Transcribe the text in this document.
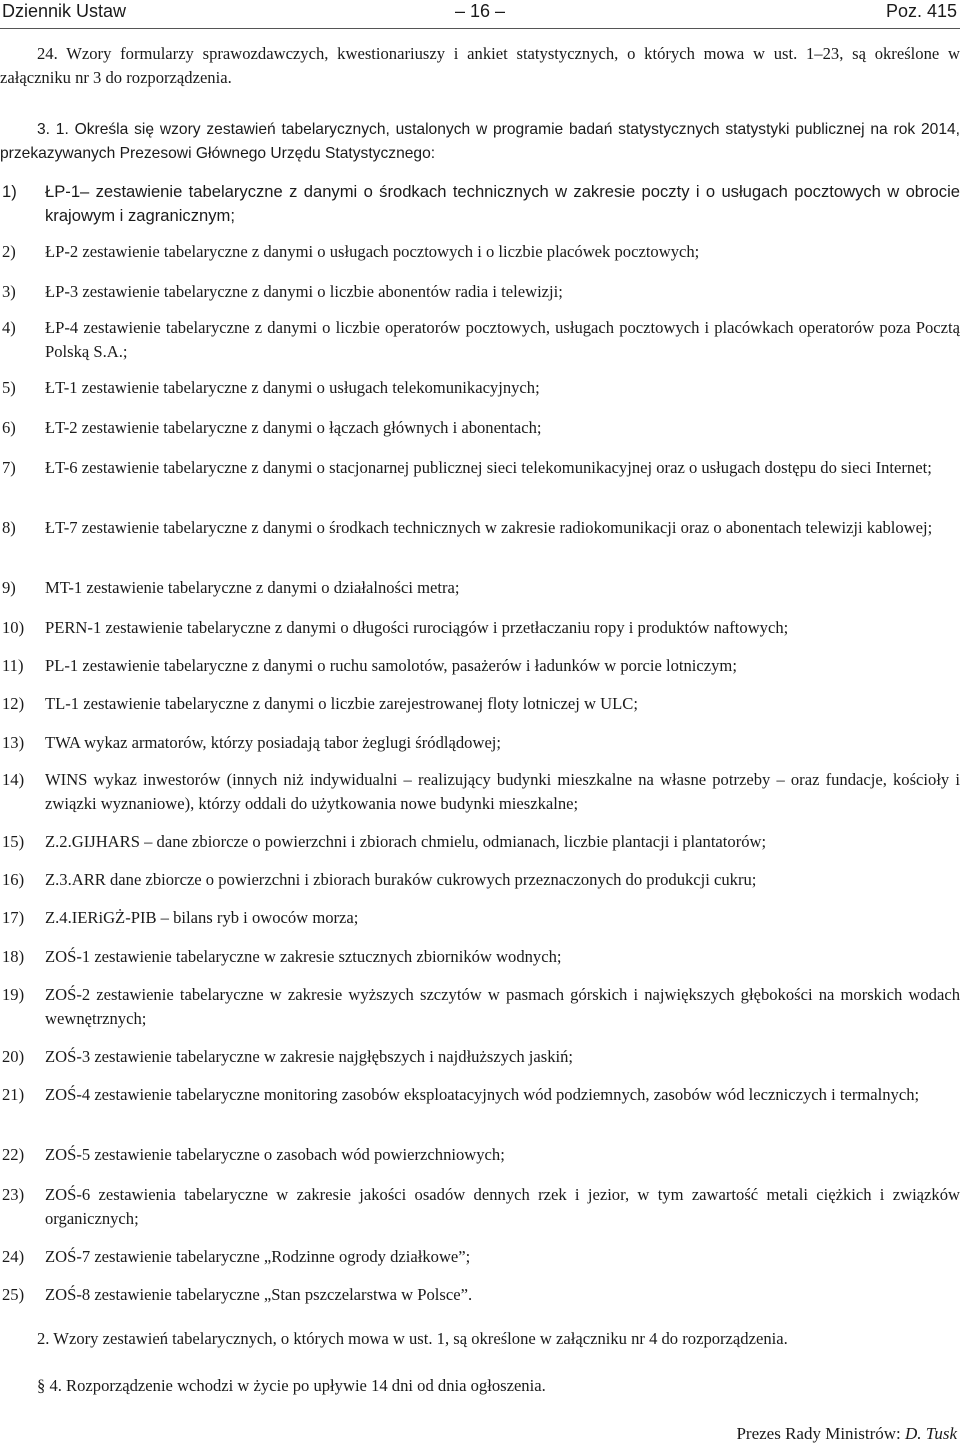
Dziennik Ustaw	– 16 –	Poz. 415

24. Wzory formularzy sprawozdawczych, kwestionariuszy i ankiet statystycznych, o których mowa w ust. 1–23, są określone w załączniku nr 3 do rozporządzenia.

3. 1. Określa się wzory zestawień tabelarycznych, ustalonych w programie badań statystycznych statystyki publicznej na rok 2014, przekazywanych Prezesowi Głównego Urzędu Statystycznego:

1) ŁP-1– zestawienie tabelaryczne z danymi o środkach technicznych w zakresie poczty i o usługach pocztowych w obrocie krajowym i zagranicznym;
2) ŁP-2 zestawienie tabelaryczne z danymi o usługach pocztowych i o liczbie placówek pocztowych;
3) ŁP-3 zestawienie tabelaryczne z danymi o liczbie abonentów radia i telewizji;
4) ŁP-4 zestawienie tabelaryczne z danymi o liczbie operatorów pocztowych, usługach pocztowych i placówkach operatorów poza Pocztą Polską S.A.;
5) ŁT-1 zestawienie tabelaryczne z danymi o usługach telekomunikacyjnych;
6) ŁT-2 zestawienie tabelaryczne z danymi o łączach głównych i abonentach;
7) ŁT-6 zestawienie tabelaryczne z danymi o stacjonarnej publicznej sieci telekomunikacyjnej oraz o usługach dostępu do sieci Internet;
8) ŁT-7 zestawienie tabelaryczne z danymi o środkach technicznych w zakresie radiokomunikacji oraz o abonentach telewizji kablowej;
9) MT-1 zestawienie tabelaryczne z danymi o działalności metra;
10) PERN-1 zestawienie tabelaryczne z danymi o długości rurociągów i przetłaczaniu ropy i produktów naftowych;
11) PL-1 zestawienie tabelaryczne z danymi o ruchu samolotów, pasażerów i ładunków w porcie lotniczym;
12) TL-1 zestawienie tabelaryczne z danymi o liczbie zarejestrowanej floty lotniczej w ULC;
13) TWA wykaz armatorów, którzy posiadają tabor żeglugi śródlądowej;
14) WINS wykaz inwestorów (innych niż indywidualni – realizujący budynki mieszkalne na własne potrzeby – oraz fundacje, kościoły i związki wyznaniowe), którzy oddali do użytkowania nowe budynki mieszkalne;
15) Z.2.GIJHARS – dane zbiorcze o powierzchni i zbiorach chmielu, odmianach, liczbie plantacji i plantatorów;
16) Z.3.ARR dane zbiorcze o powierzchni i zbiorach buraków cukrowych przeznaczonych do produkcji cukru;
17) Z.4.IERiGŻ-PIB – bilans ryb i owoców morza;
18) ZOŚ-1 zestawienie tabelaryczne w zakresie sztucznych zbiorników wodnych;
19) ZOŚ-2 zestawienie tabelaryczne w zakresie wyższych szczytów w pasmach górskich i największych głębokości na morskich wodach wewnętrznych;
20) ZOŚ-3 zestawienie tabelaryczne w zakresie najgłębszych i najdłuższych jaskiń;
21) ZOŚ-4 zestawienie tabelaryczne monitoring zasobów eksploatacyjnych wód podziemnych, zasobów wód leczniczych i termalnych;
22) ZOŚ-5 zestawienie tabelaryczne o zasobach wód powierzchniowych;
23) ZOŚ-6 zestawienia tabelaryczne w zakresie jakości osadów dennych rzek i jezior, w tym zawartość metali ciężkich i związków organicznych;
24) ZOŚ-7 zestawienie tabelaryczne „Rodzinne ogrody działkowe”;
25) ZOŚ-8 zestawienie tabelaryczne „Stan pszczelarstwa w Polsce”.

2. Wzory zestawień tabelarycznych, o których mowa w ust. 1, są określone w załączniku nr 4 do rozporządzenia.

§ 4. Rozporządzenie wchodzi w życie po upływie 14 dni od dnia ogłoszenia.

Prezes Rady Ministrów: D. Tusk
